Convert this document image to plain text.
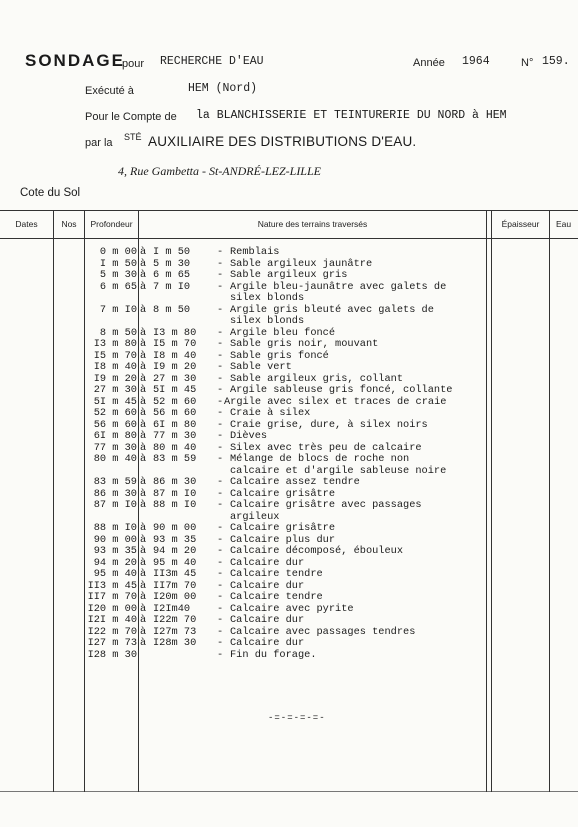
SONDAGE
pour RECHERCHE D'EAU	Année 1964	N° 159.
Exécuté à	HEM (Nord)
Pour le Compte de la BLANCHISSERIE ET TEINTURERIE DU NORD à HEM
par la STÉ AUXILIAIRE DES DISTRIBUTIONS D'EAU.
4, Rue Gambetta - St-ANDRÉ-LEZ-LILLE
Cote du Sol
Dates	Nos	Profondeur	Nature des terrains traversés	Épaisseur	Eau
0 m 00 à I m 50	- Remblais
I m 50 à 5 m 30	- Sable argileux jaunâtre
5 m 30 à 6 m 65	- Sable argileux gris
6 m 65 à 7 m I0	- Argile bleu-jaunâtre avec galets de
silex blonds
7 m I0 à 8 m 50	- Argile gris bleuté avec galets de
silex blonds
8 m 50 à I3 m 80 - Argile bleu foncé
I3 m 80 à I5 m 70 - Sable gris noir, mouvant
I5 m 70 à I8 m 40 - Sable gris foncé
I8 m 40 à I9 m 20 - Sable vert
I9 m 20 à 27 m 30 - Sable argileux gris, collant
27 m 30 à 5I m 45 - Argile sableuse gris foncé, collante
5I m 45 à 52 m 60 - Argile avec silex et traces de craie
52 m 60 à 56 m 60 - Craie à silex
56 m 60 à 6I m 80 - Craie grise, dure, à silex noirs
6I m 80 à 77 m 30 - Dièves
77 m 30 à 80 m 40 - Silex avec très peu de calcaire
80 m 40 à 83 m 59 - Mélange de blocs de roche non
calcaire et d'argile sableuse noire
83 m 59 à 86 m 30 - Calcaire assez tendre
86 m 30 à 87 m I0 - Calcaire grisâtre
87 m I0 à 88 m I0 - Calcaire grisâtre avec passages
argileux
88 m I0 à 90 m 00 - Calcaire grisâtre
90 m 00 à 93 m 35 - Calcaire plus dur
93 m 35 à 94 m 20 - Calcaire décomposé, ébouleux
94 m 20 à 95 m 40 - Calcaire dur
95 m 40 à II3m 45 - Calcaire tendre
II3 m 45 à II7m 70 - Calcaire dur
II7 m 70 à I20m 00 - Calcaire tendre
I20 m 00 à I2Im40	- Calcaire avec pyrite
I2I m 40 à I22m 70 - Calcaire dur
I22 m 70 à I27m 73 - Calcaire avec passages tendres
I27 m 73 à I28m 30 - Calcaire dur
I28 m 30	- Fin du forage.
-=-=-=-=-
